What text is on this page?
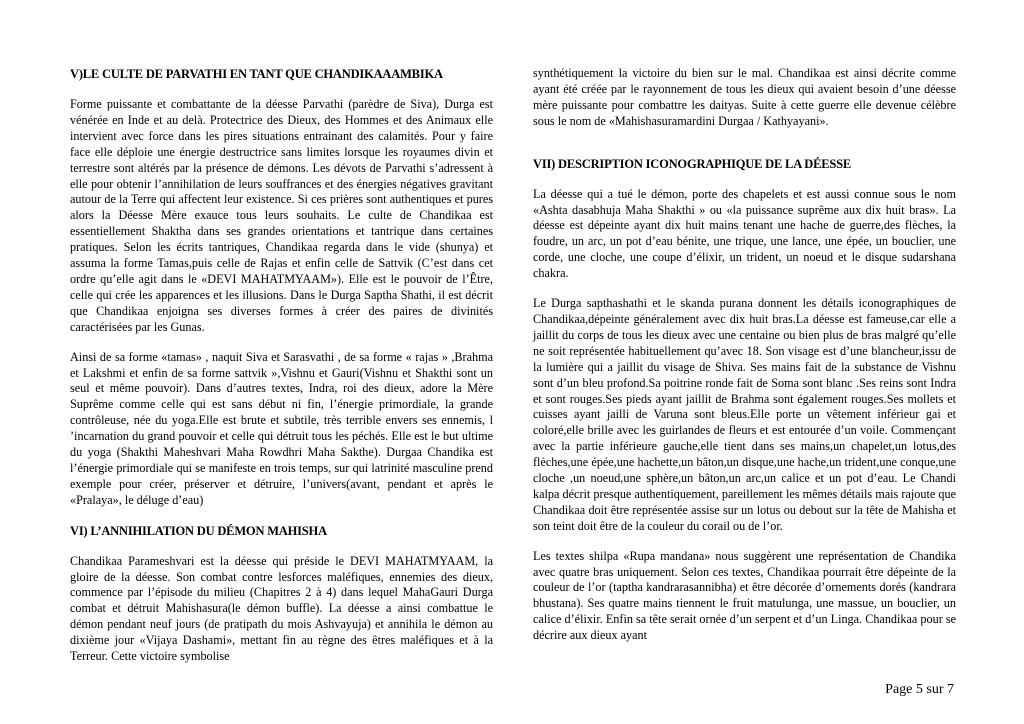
V)LE CULTE DE PARVATHI EN TANT QUE CHANDIKAAAMBIKA

Forme puissante et combattante de la déesse Parvathi (parèdre de Siva), Durga est vénérée en Inde et au delà. Protectrice des Dieux, des Hommes et des Animaux elle intervient avec force dans les pires situations entrainant des calamités. Pour y faire face elle déploie une énergie destructrice sans limites lorsque les royaumes divin et terrestre sont altérés par la présence de démons. Les dévots de Parvathi s’adressent à elle pour obtenir l’annihilation de leurs souffrances et des énergies négatives gravitant autour de la Terre qui affectent leur existence. Si ces prières sont authentiques et pures alors la Déesse Mère exauce tous leurs souhaits. Le culte de Chandikaa est essentiellement Shaktha dans ses grandes orientations et tantrique dans certaines pratiques. Selon les écrits tantriques, Chandikaa regarda dans le vide (shunya) et assuma la forme Tamas,puis celle de Rajas et enfin celle de Sattvik (C’est dans cet ordre qu’elle agit dans le «DEVI MAHATMYAAM»). Elle est le pouvoir de l’Être, celle qui crée les apparences et les illusions. Dans le Durga Saptha Shathi, il est décrit que Chandikaa enjoigna ses diverses formes à créer des paires de divinités caractérisées par les Gunas.

Ainsi de sa forme «tamas» , naquit Siva et Sarasvathi , de sa forme « rajas » ,Brahma et Lakshmi et enfin de sa forme sattvik »,Vishnu et Gauri(Vishnu et Shakthi sont un seul et même pouvoir). Dans d’autres textes, Indra, roi des dieux, adore la Mère Suprême comme celle qui est sans début ni fin, l’énergie primordiale, la grande contrôleuse, née du yoga.Elle est brute et subtile, très terrible envers ses ennemis, l ’incarnation du grand pouvoir et celle qui détruit tous les péchés. Elle est le but ultime du yoga (Shakthi Maheshvari Maha Rowdhri Maha Sakthe). Durgaa Chandika est l’énergie primordiale qui se manifeste en trois temps, sur qui latrinité masculine prend exemple pour créer, préserver et détruire, l’univers(avant, pendant et après le «Pralaya», le déluge d’eau)

VI) L’ANNIHILATION DU DÉMON MAHISHA

Chandikaa Parameshvari est la déesse qui préside le DEVI MAHATMYAAM, la gloire de la déesse. Son combat contre lesforces maléfiques, ennemies des dieux, commence par l’épisode du milieu (Chapitres 2 à 4) dans lequel MahaGauri Durga combat et détruit Mahishasura(le démon buffle). La déesse a ainsi combattue le démon pendant neuf jours (de pratipath du mois Ashvayuja) et annihila le démon au dixième jour «Vijaya Dashami», mettant fin au règne des êtres maléfiques et à la Terreur. Cette victoire symbolise

synthétiquement la victoire du bien sur le mal. Chandikaa est ainsi décrite comme ayant été créée par le rayonnement de tous les dieux qui avaient besoin d’une déesse mère puissante pour combattre les daityas. Suite à cette guerre elle devenue célèbre sous le nom de «Mahishasuramardini Durgaa / Kathyayani».

VII) DESCRIPTION ICONOGRAPHIQUE DE LA DÉESSE

La déesse qui a tué le démon, porte des chapelets et est aussi connue sous le nom «Ashta dasabhuja Maha Shakthi » ou «la puissance suprême aux dix huit bras». La déesse est dépeinte ayant dix huit mains tenant une hache de guerre,des flèches, la foudre, un arc, un pot d’eau bénite, une trique, une lance, une épée, un bouclier, une corde, une cloche, une coupe d’élixir, un trident, un noeud et le disque sudarshana chakra.

Le Durga sapthashathi et le skanda purana donnent les détails iconographiques de Chandikaa,dépeinte généralement avec dix huit bras.La déesse est fameuse,car elle a jaillit du corps de tous les dieux avec une centaine ou bien plus de bras malgré qu’elle ne soit représentée habituellement qu’avec 18. Son visage est d’une blancheur,issu de la lumière qui a jaillit du visage de Shiva. Ses mains fait de la substance de Vishnu sont d’un bleu profond.Sa poitrine ronde fait de Soma sont blanc .Ses reins sont Indra et sont rouges.Ses pieds ayant jaillit de Brahma sont également rouges.Ses mollets et cuisses ayant jailli de Varuna sont bleus.Elle porte un vêtement inférieur gai et coloré,elle brille avec les guirlandes de fleurs et est entourée d’un voile. Commençant avec la partie inférieure gauche,elle tient dans ses mains,un chapelet,un lotus,des flèches,une épée,une hachette,un bâton,un disque,une hache,un trident,une conque,une cloche ,un noeud,une sphère,un bâton,un arc,un calice et un pot d’eau. Le Chandi kalpa décrit presque authentiquement, pareillement les mêmes détails mais rajoute que Chandikaa doit être représentée assise sur un lotus ou debout sur la tête de Mahisha et son teint doit être de la couleur du corail ou de l’or.

Les textes shilpa «Rupa mandana» nous suggèrent une représentation de Chandika avec quatre bras uniquement. Selon ces textes, Chandikaa pourrait être dépeinte de la couleur de l’or (taptha kandrarasannibha) et être décorée d’ornements dorés (kandrara bhustana). Ses quatre mains tiennent le fruit matulunga, une massue, un bouclier, un calice d’élixir. Enfin sa tête serait ornée d’un serpent et d’un Linga. Chandikaa pour se décrire aux dieux ayant

Page 5 sur 7
